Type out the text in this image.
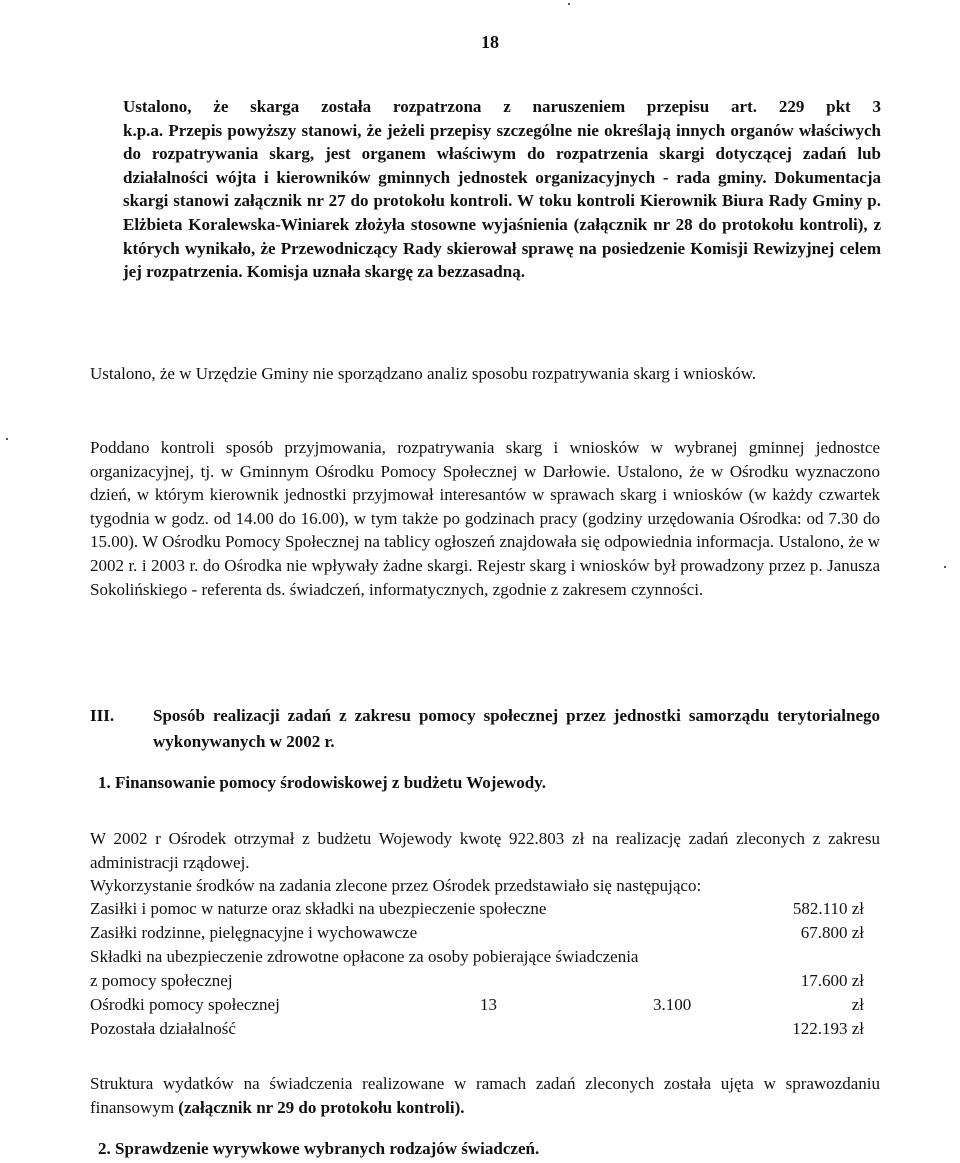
18
Ustalono, że skarga została rozpatrzona z naruszeniem przepisu art. 229 pkt 3
k.p.a. Przepis powyższy stanowi, że jeżeli przepisy szczególne nie określają innych organów właściwych do rozpatrywania skarg, jest organem właściwym do rozpatrzenia skargi dotyczącej zadań lub działalności wójta i kierowników gminnych jednostek organizacyjnych - rada gminy. Dokumentacja skargi stanowi załącznik nr 27 do protokołu kontroli. W toku kontroli Kierownik Biura Rady Gminy p. Elżbieta Koralewska-Winiarek złożyła stosowne wyjaśnienia (załącznik nr 28 do protokołu kontroli), z których wynikało, że Przewodniczący Rady skierował sprawę na posiedzenie Komisji Rewizyjnej celem jej rozpatrzenia. Komisja uznała skargę za bezzasadną.
Ustalono, że w Urzędzie Gminy nie sporządzano analiz sposobu rozpatrywania skarg i wniosków.
Poddano kontroli sposób przyjmowania, rozpatrywania skarg i wniosków w wybranej gminnej jednostce organizacyjnej, tj. w Gminnym Ośrodku Pomocy Społecznej w Darłowie. Ustalono, że w Ośrodku wyznaczono dzień, w którym kierownik jednostki przyjmował interesantów w sprawach skarg i wniosków (w każdy czwartek tygodnia w godz. od 14.00 do 16.00), w tym także po godzinach pracy (godziny urzędowania Ośrodka: od 7.30 do 15.00). W Ośrodku Pomocy Społecznej na tablicy ogłoszeń znajdowała się odpowiednia informacja. Ustalono, że w 2002 r. i 2003 r. do Ośrodka nie wpływały żadne skargi. Rejestr skarg i wniosków był prowadzony przez p. Janusza Sokolińskiego - referenta ds. świadczeń, informatycznych, zgodnie z zakresem czynności.
III. Sposób realizacji zadań z zakresu pomocy społecznej przez jednostki samorządu terytorialnego wykonywanych w 2002 r.
1. Finansowanie pomocy środowiskowej z budżetu Wojewody.
W 2002 r Ośrodek otrzymał z budżetu Wojewody kwotę 922.803 zł na realizację zadań zleconych z zakresu administracji rządowej.
Wykorzystanie środków na zadania zlecone przez Ośrodek przedstawiało się następująco:
Zasiłki i pomoc w naturze oraz składki na ubezpieczenie społeczne	582.110 zł
Zasiłki rodzinne, pielęgnacyjne i wychowawcze	67.800 zł
Składki na ubezpieczenie zdrowotne opłacone za osoby pobierające świadczenia
z pomocy społecznej	17.600 zł
Ośrodki pomocy społecznej	13	3.100	zł
Pozostała działalność	122.193 zł
Struktura wydatków na świadczenia realizowane w ramach zadań zleconych została ujęta w sprawozdaniu finansowym (załącznik nr 29 do protokołu kontroli).
2. Sprawdzenie wyrywkowe wybranych rodzajów świadczeń.
